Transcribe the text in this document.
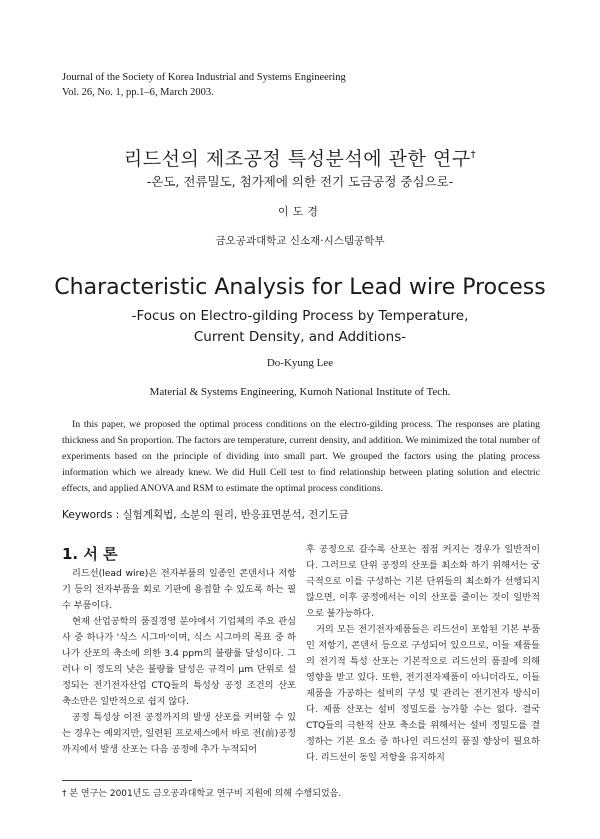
Journal of the Society of Korea Industrial and Systems Engineering
Vol. 26, No. 1, pp.1–6, March 2003.
리드선의 제조공정 특성분석에 관한 연구†
-온도, 전류밀도, 첨가제에 의한 전기 도금공정 중심으로-
이도경
금오공과대학교 신소재·시스템공학부
Characteristic Analysis for Lead wire Process
-Focus on Electro-gilding Process by Temperature,
Current Density, and Additions-
Do-Kyung Lee
Material & Systems Engineering, Kumoh National Institute of Tech.

In this paper, we proposed the optimal process conditions on the electro-gilding process. The responses are plating thickness and Sn proportion. The factors are temperature, current density, and addition. We minimized the total number of experiments based on the principle of dividing into small part. We grouped the factors using the plating process information which we already knew. We did Hull Cell test to find relationship between plating solution and electric effects, and applied ANOVA and RSM to estimate the optimal process conditions.

Keywords : 실험계획법, 소분의 원리, 반응표면분석, 전기도금
1. 서 론

리드선(lead wire)은 전자부품의 일종인 콘덴서나 저항기 등의 전자부품을 회로 기판에 용접할 수 있도록 하는 필수 부품이다.

현재 산업공학의 품질경영 분야에서 기업체의 주요 관심사 중 하나가 '식스 시그마'이며, 식스 시그마의 목표 중 하나가 산포의 축소에 의한 3.4 ppm의 불량률 달성이다. 그러나 이 정도의 낮은 불량률 달성은 규격이 μm 단위로 설정되는 전기전자산업 CTQ들의 특성상 공정 조건의 산포 축소만은 일반적으로 쉽지 않다.

공정 특성상 이전 공정까지의 발생 산포를 커버할 수 있는 경우는 예외지만, 일련된 프로세스에서 바로 전(前)공정까지에서 발생 산포는 다음 공정에 추가 누적되어

후 공정으로 갈수록 산포는 점점 커지는 경우가 일반적이다. 그러므로 단위 공정의 산포를 최소화 하기 위해서는 궁극적으로 이를 구성하는 기본 단위들의 최소화가 선행되지 않으면, 이후 공정에서는 이의 산포를 줄이는 것이 일반적으로 불가능하다.

거의 모든 전기전자제품들은 리드선이 포함된 기본 부품인 저항기, 콘덴서 등으로 구성되어 있으므로, 이들 제품들의 전기적 특성 산포는 기본적으로 리드선의 품질에 의해 영향을 받고 있다. 또한, 전기전자제품이 아니더라도, 이들 제품을 가공하는 설비의 구성 및 관리는 전기전자 방식이다. 제품 산포는 설비 정밀도를 능가할 수는 없다. 결국 CTQ들의 극한적 산포 축소를 위해서는 설비 정밀도를 결정하는 기본 요소 중 하나인 리드선의 품질 향상이 필요하다. 리드선이 동일 저항을 유지하지

† 본 연구는 2001년도 금오공과대학교 연구비 지원에 의해 수행되었음.
